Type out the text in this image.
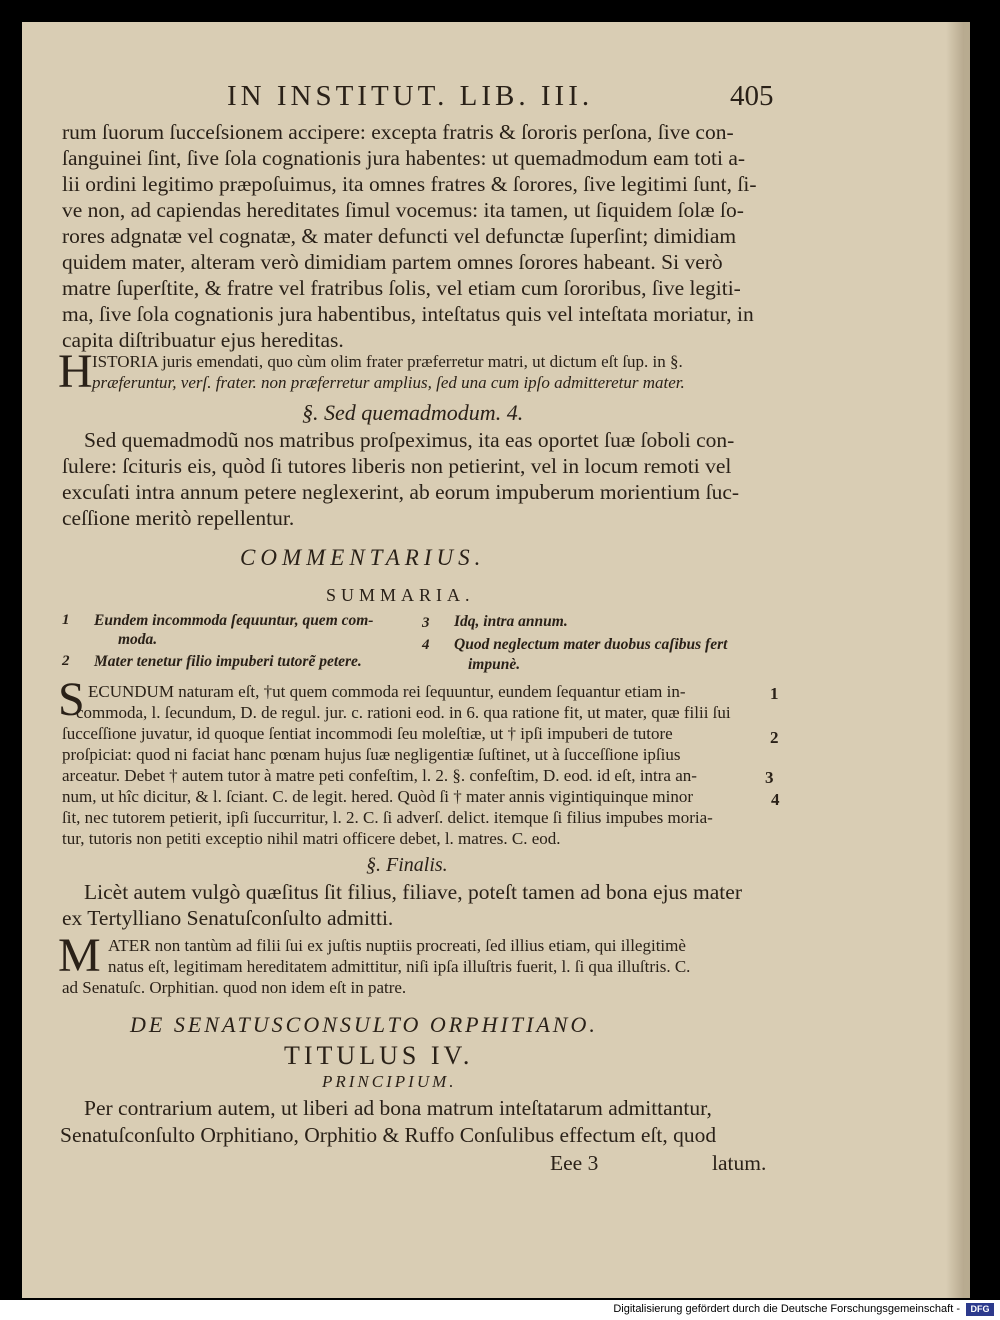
IN INSTITUT. LIB. III.	405
rum ſuorum ſucceſsionem accipere: excepta fratris & ſororis perſona, ſive con-
ſanguinei ſint, ſive ſola cognationis jura habentes: ut quemadmodum eam toti a-
lii ordini legitimo præpoſuimus, ita omnes fratres & ſorores, ſive legitimi ſunt, ſi-
ve non, ad capiendas hereditates ſimul vocemus: ita tamen, ut ſiquidem ſolæ ſo-
rores adgnatæ vel cognatæ, & mater defuncti vel defunctæ ſuperſint; dimidiam
quidem mater, alteram verò dimidiam partem omnes ſorores habeant. Si verò
matre ſuperſtite, & fratre vel fratribus ſolis, vel etiam cum ſororibus, ſive legiti-
ma, ſive ſola cognationis jura habentibus, inteſtatus quis vel inteſtata moriatur, in
capita diſtribuatur ejus hereditas.
H ISTORIA juris emendati, quo cùm olim frater præferretur matri, ut dictum eſt ſup. in §.
præferuntur, verſ. frater. non præferretur amplius, ſed una cum ipſo admitteretur mater.
§. Sed quemadmodum. 4.
Sed quemadmodũ nos matribus proſpeximus, ita eas oportet ſuæ ſoboli con-
ſulere: ſcituris eis, quòd ſi tutores liberis non petierint, vel in locum remoti vel
excuſati intra annum petere neglexerint, ab eorum impuberum morientium ſuc-
ceſſione meritò repellentur.
COMMENTARIUS.
SUMMARIA.
1 Eundem incommoda ſequuntur, quem com-
moda.
2 Mater tenetur filio impuberi tutorẽ petere.
3 Idq, intra annum.
4 Quod neglectum mater duobus caſibus fert
impunè.
S ECUNDUM naturam eſt, †ut quem commoda rei ſequuntur, eundem ſequantur etiam in-
commoda, l. ſecundum, D. de regul. jur. c. rationi eod. in 6. qua ratione fit, ut mater, quæ filii ſui
ſucceſſione juvatur, id quoque ſentiat incommodi ſeu moleſtiæ, ut † ipſi impuberi de tutore
proſpiciat: quod ni faciat hanc pœnam hujus ſuæ negligentiæ ſuſtinet, ut à ſucceſſione ipſius
arceatur. Debet † autem tutor à matre peti confeſtim, l. 2. §. confeſtim, D. eod. id eſt, intra an-
num, ut hîc dicitur, & l. ſciant. C. de legit. hered. Quòd ſi † mater annis vigintiquinque minor
ſit, nec tutorem petierit, ipſi ſuccurritur, l. 2. C. ſi adverſ. delict. itemque ſi filius impubes moria-
tur, tutoris non petiti exceptio nihil matri officere debet, l. matres. C. eod.
1
2
3
4
§. Finalis.
Licèt autem vulgò quæſitus ſit filius, filiave, poteſt tamen ad bona ejus mater
ex Tertylliano Senatuſconſulto admitti.
M ATER non tantùm ad filii ſui ex juſtis nuptiis procreati, ſed illius etiam, qui illegitimè
natus eſt, legitimam hereditatem admittitur, niſi ipſa illuſtris fuerit, l. ſi qua illuſtris. C.
ad Senatuſc. Orphitian. quod non idem eſt in patre.
DE SENATUSCONSULTO ORPHITIANO.
TITULUS IV.
PRINCIPIUM.
Per contrarium autem, ut liberi ad bona matrum inteſtatarum admittantur,
Senatuſconſulto Orphitiano, Orphitio & Ruffo Conſulibus effectum eſt, quod
Eee 3	latum.
Digitalisierung gefördert durch die Deutsche Forschungsgemeinschaft -	DFG
